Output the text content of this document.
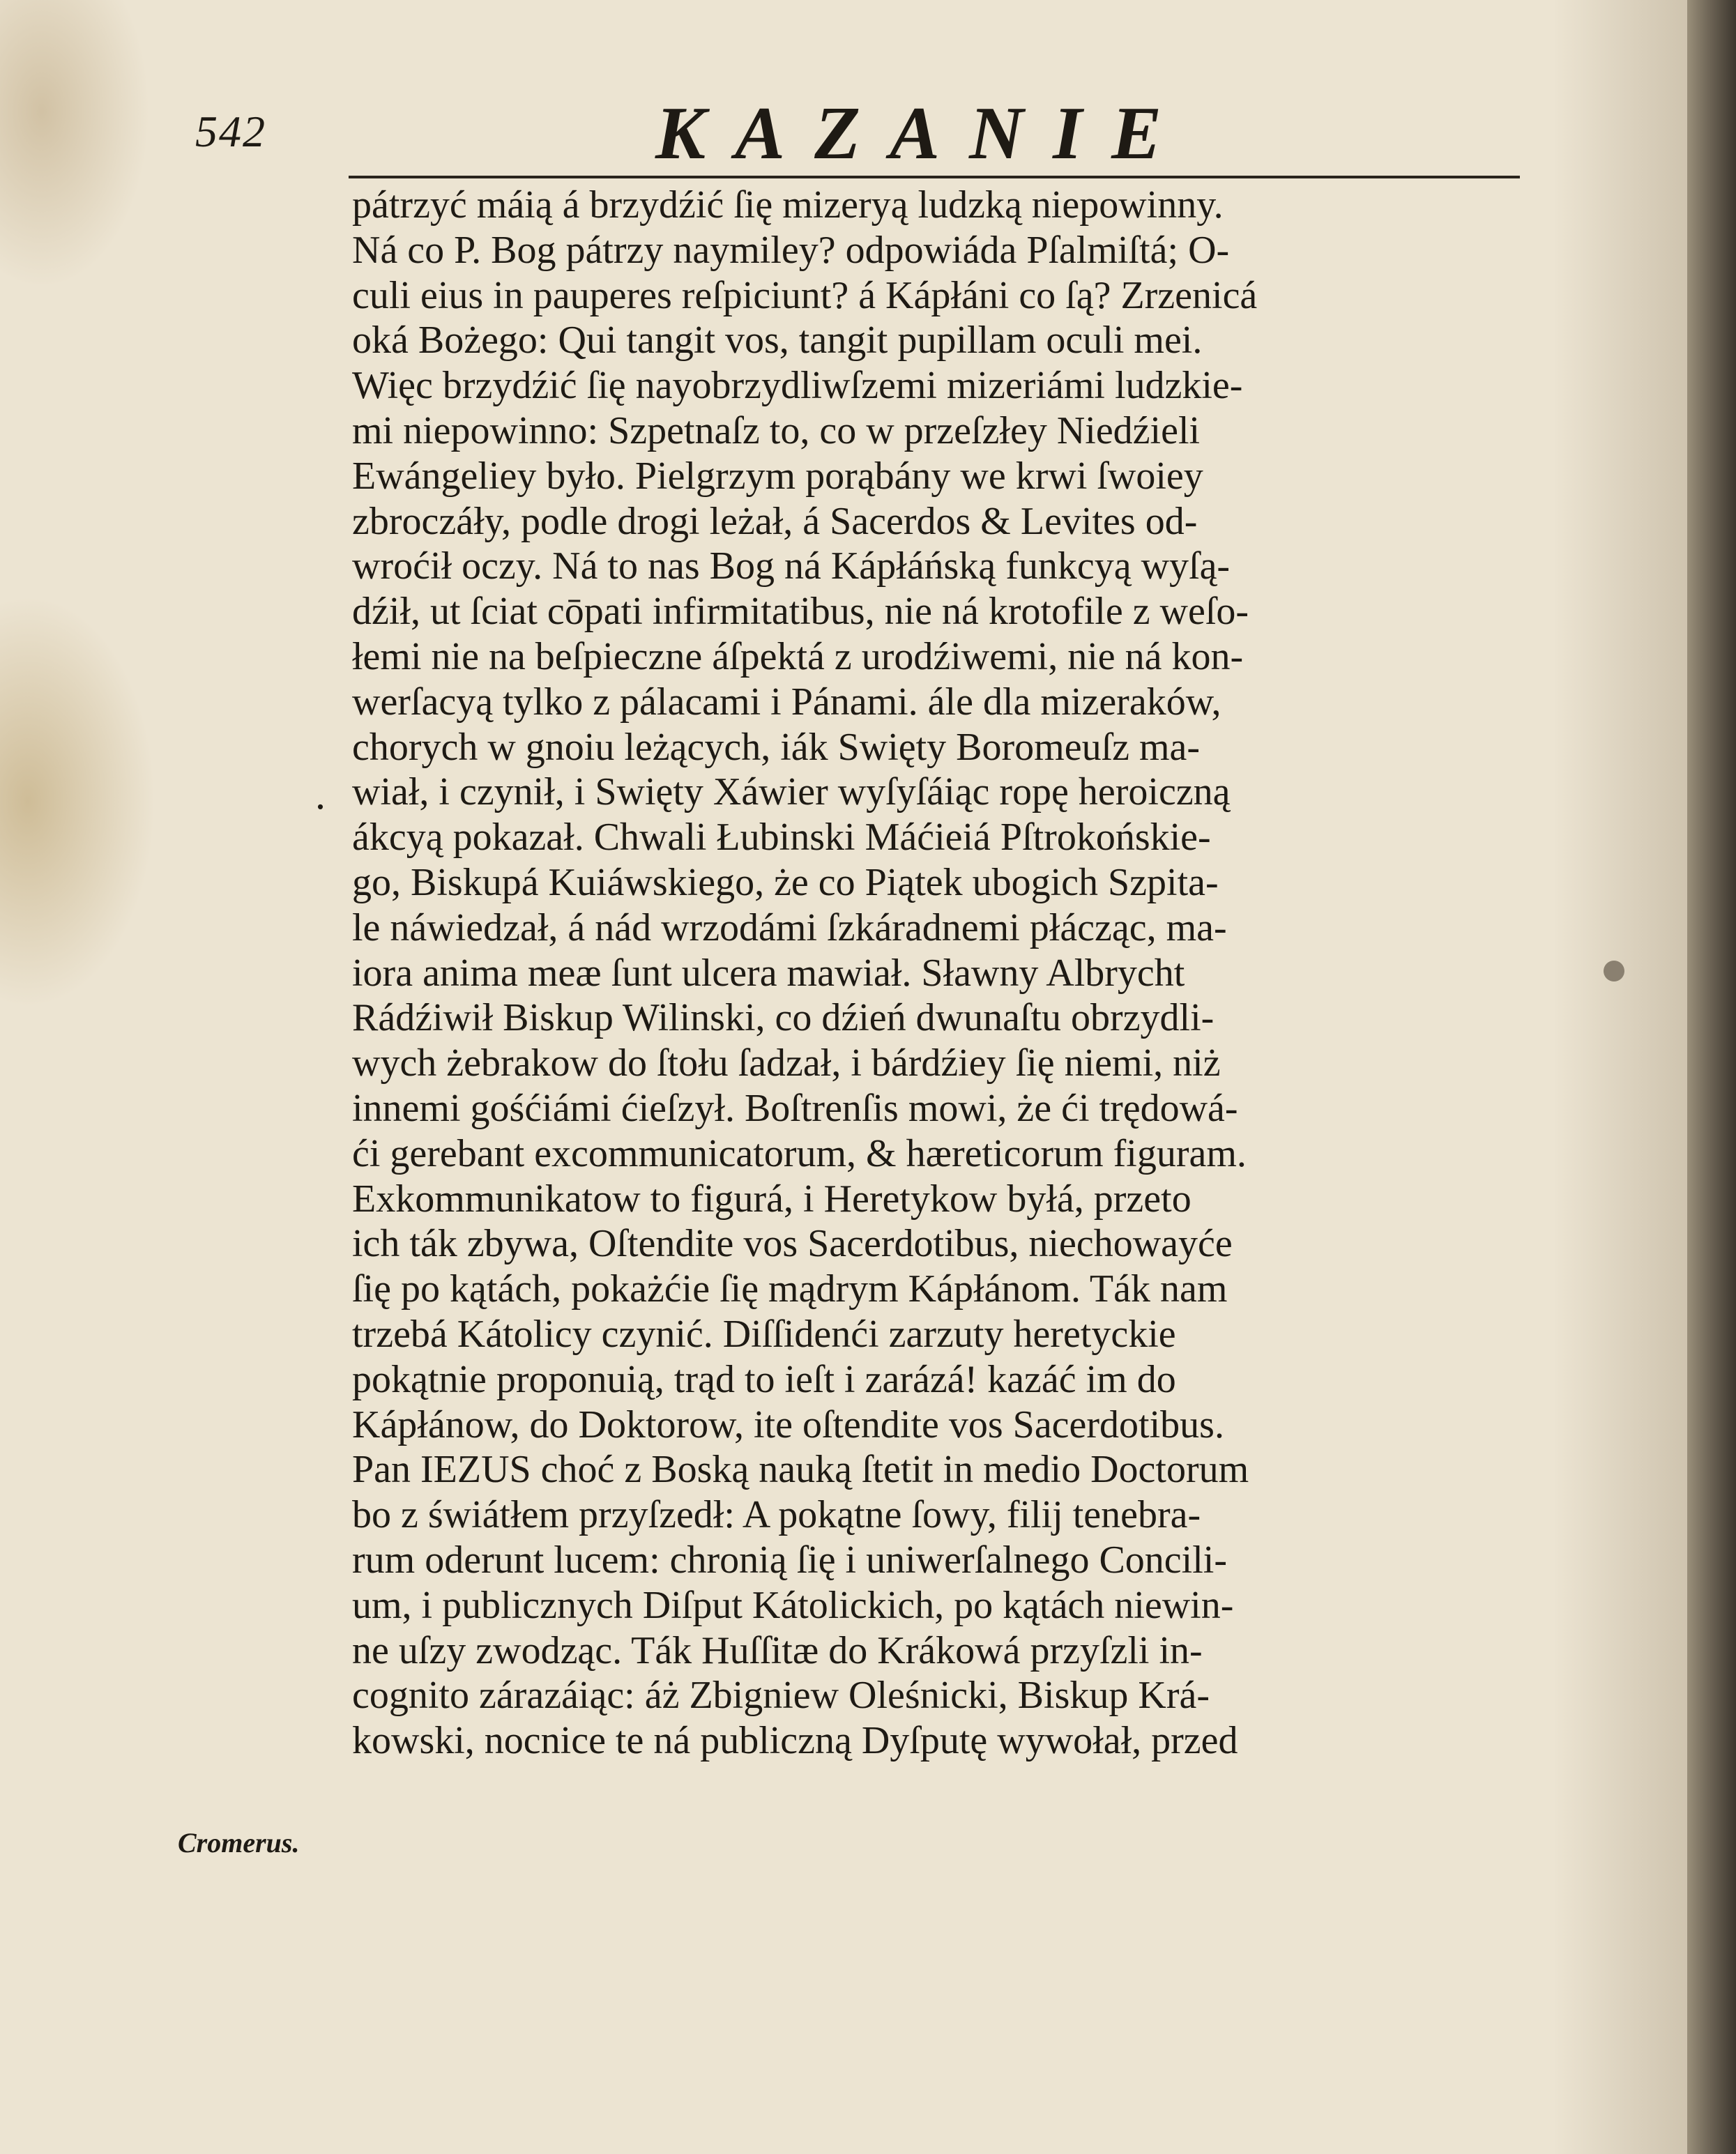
542	KAZANIE
.
pátrzyć máią á brzydźić ſię mizeryą ludzką niepowinny.
Ná co P. Bog pátrzy naymiley? odpowiáda Pſalmiſtá; O-
culi eius in pauperes reſpiciunt? á Kápłáni co ſą? Zrzenicá
oká Bożego: Qui tangit vos, tangit pupillam oculi mei.
Więc brzydźić ſię nayobrzydliwſzemi mizeriámi ludzkie-
mi niepowinno: Szpetnaſz to, co w przeſzłey Niedźieli
Ewángeliey było. Pielgrzym porąbány we krwi ſwoiey
zbroczáły, podle drogi leżał, á Sacerdos & Levites od-
wroćił oczy. Ná to nas Bog ná Kápłáńską funkcyą wyſą-
dźił, ut ſciat cōpati infirmitatibus, nie ná krotofile z weſo-
łemi nie na beſpieczne áſpektá z urodźiwemi, nie ná kon-
werſacyą tylko z pálacami i Pánami. ále dla mizeraków,
chorych w gnoiu leżących, iák Swięty Boromeuſz ma-
wiał, i czynił, i Swięty Xáwier wyſyſáiąc ropę heroiczną
ákcyą pokazał. Chwali Łubinski Máćieiá Pſtrokońskie-
go, Biskupá Kuiáwskiego, że co Piątek ubogich Szpita-
le náwiedzał, á nád wrzodámi ſzkáradnemi płácząc, ma-
iora anima meæ ſunt ulcera mawiał. Sławny Albrycht
Rádźiwił Biskup Wilinski, co dźień dwunaſtu obrzydli-
wych żebrakow do ſtołu ſadzał, i bárdźiey ſię niemi, niż
innemi gośćiámi ćieſzył. Boſtrenſis mowi, że ći trędowá-
ći gerebant excommunicatorum, & hæreticorum figuram.
Exkommunikatow to figurá, i Heretykow byłá, przeto
ich ták zbywa, Oſtendite vos Sacerdotibus, niechowayće
ſię po kątách, pokażćie ſię mądrym Kápłánom. Ták nam
trzebá Kátolicy czynić. Diſſidenći zarzuty heretyckie
pokątnie proponuią, trąd to ieſt i zarázá! kazáć im do
Kápłánow, do Doktorow, ite oſtendite vos Sacerdotibus.
Pan IEZUS choć z Boską nauką ſtetit in medio Doctorum
bo z świátłem przyſzedł: A pokątne ſowy, filij tenebra-
rum oderunt lucem: chronią ſię i uniwerſalnego Concili-
um, i publicznych Diſput Kátolickich, po kątách niewin-
ne uſzy zwodząc. Ták Huſſitæ do Krákowá przyſzli in-
cognito zárazáiąc: áż Zbigniew Oleśnicki, Biskup Krá-
kowski, nocnice te ná publiczną Dyſputę wywołał, przed
Cromerus.
